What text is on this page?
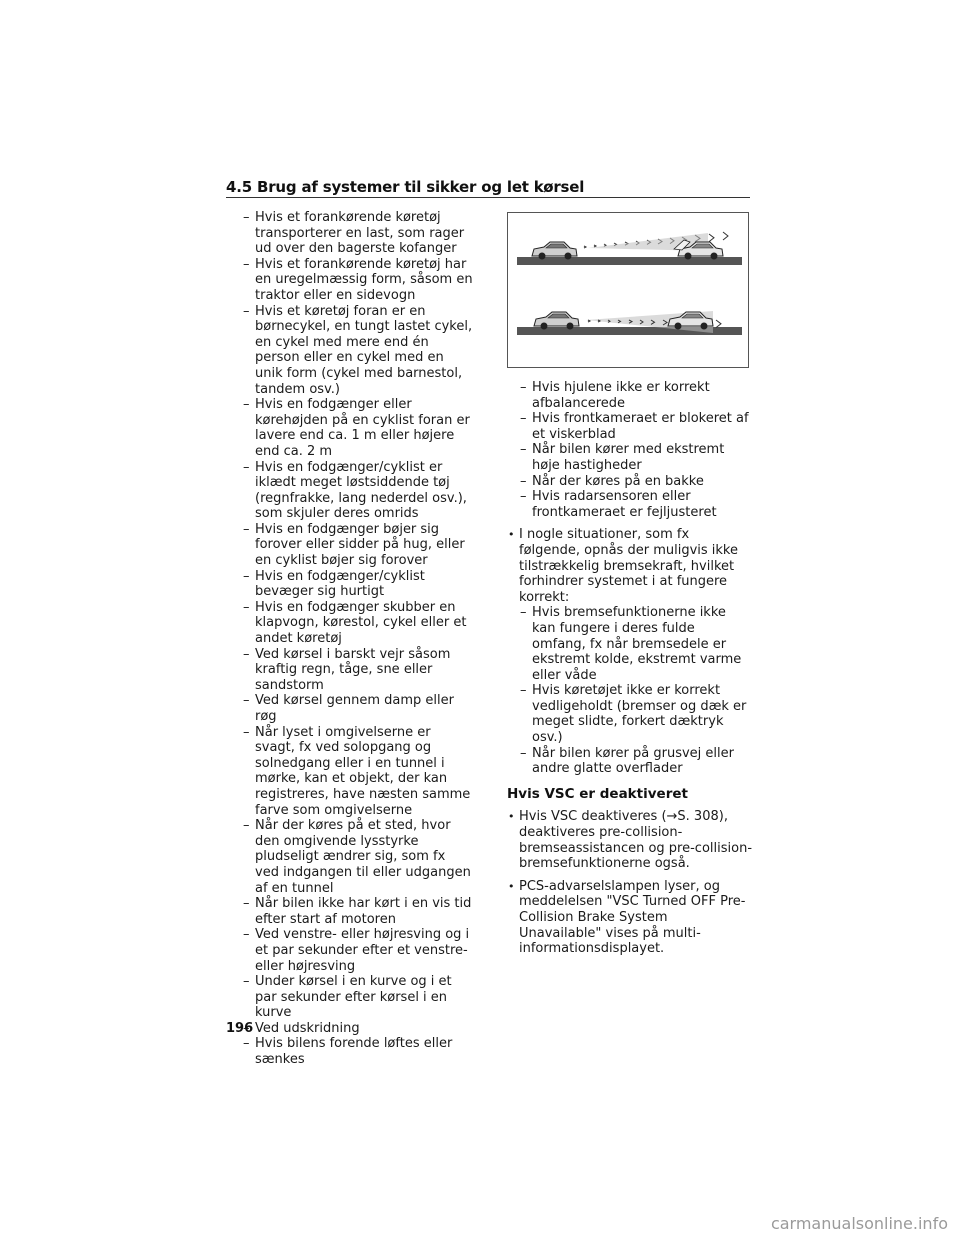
4.5 Brug af systemer til sikker og let kørsel
– Hvis et forankørende køretøj transporterer en last, som rager ud over den bagerste kofanger
– Hvis et forankørende køretøj har en uregelmæssig form, såsom en traktor eller en sidevogn
– Hvis et køretøj foran er en børnecykel, en tungt lastet cykel, en cykel med mere end én person eller en cykel med en unik form (cykel med barnestol, tandem osv.)
– Hvis en fodgænger eller kørehøjden på en cyklist foran er lavere end ca. 1 m eller højere end ca. 2 m
– Hvis en fodgænger/cyklist er iklædt meget løstsiddende tøj (regnfrakke, lang nederdel osv.), som skjuler deres omrids
– Hvis en fodgænger bøjer sig forover eller sidder på hug, eller en cyklist bøjer sig forover
– Hvis en fodgænger/cyklist bevæger sig hurtigt
– Hvis en fodgænger skubber en klapvogn, kørestol, cykel eller et andet køretøj
– Ved kørsel i barskt vejr såsom kraftig regn, tåge, sne eller sandstorm
– Ved kørsel gennem damp eller røg
– Når lyset i omgivelserne er svagt, fx ved solopgang og solnedgang eller i en tunnel i mørke, kan et objekt, der kan registreres, have næsten samme farve som omgivelserne
– Når der køres på et sted, hvor den omgivende lysstyrke pludseligt ændrer sig, som fx ved indgangen til eller udgangen af en tunnel
– Når bilen ikke har kørt i en vis tid efter start af motoren
– Ved venstre- eller højresving og i et par sekunder efter et venstre- eller højresving
– Under kørsel i en kurve og i et par sekunder efter kørsel i en kurve
– Ved udskridning
– Hvis bilens forende løftes eller sænkes
– Hvis hjulene ikke er korrekt afbalancerede
– Hvis frontkameraet er blokeret af et viskerblad
– Når bilen kører med ekstremt høje hastigheder
– Når der køres på en bakke
– Hvis radarsensoren eller frontkameraet er fejljusteret
• I nogle situationer, som fx følgende, opnås der muligvis ikke tilstrækkelig bremsekraft, hvilket forhindrer systemet i at fungere korrekt:
– Hvis bremsefunktionerne ikke kan fungere i deres fulde omfang, fx når bremsedele er ekstremt kolde, ekstremt varme eller våde
– Hvis køretøjet ikke er korrekt vedligeholdt (bremser og dæk er meget slidte, forkert dæktryk osv.)
– Når bilen kører på grusvej eller andre glatte overflader
Hvis VSC er deaktiveret
• Hvis VSC deaktiveres (→S. 308), deaktiveres pre-collision-bremseassistancen og pre-collision-bremsefunktionerne også.
• PCS-advarselslampen lyser, og meddelelsen "VSC Turned OFF Pre-Collision Brake System Unavailable" vises på multi-informationsdisplayet.
196
carmanualsonline.info
